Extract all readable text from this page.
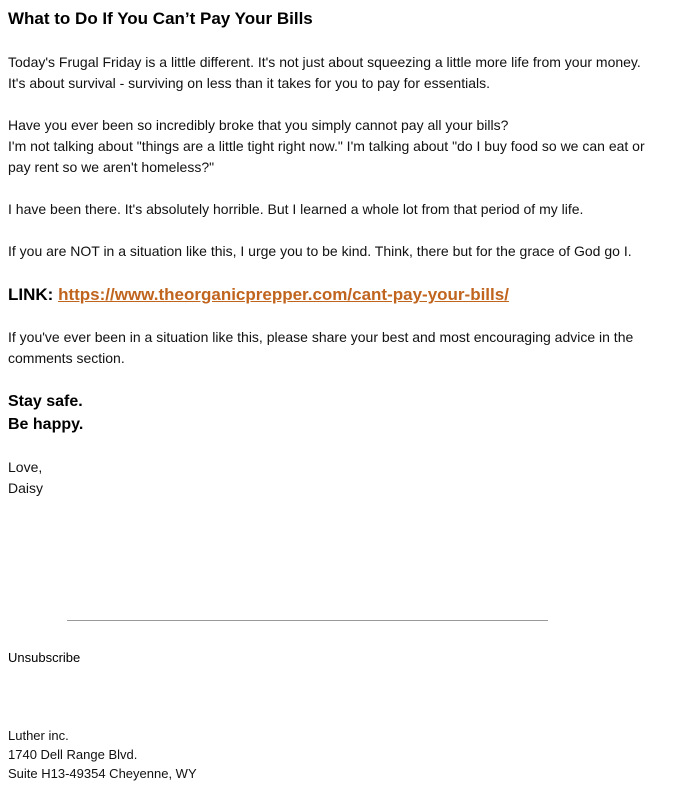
What to Do If You Can’t Pay Your Bills
Today's Frugal Friday is a little different. It's not just about squeezing a little more life from your money.
It's about survival - surviving on less than it takes for you to pay for essentials.
Have you ever been so incredibly broke that you simply cannot pay all your bills?
I'm not talking about "things are a little tight right now." I'm talking about "do I buy food so we can eat or
pay rent so we aren't homeless?"
I have been there. It's absolutely horrible. But I learned a whole lot from that period of my life.
If you are NOT in a situation like this, I urge you to be kind. Think, there but for the grace of God go I.
LINK: https://www.theorganicprepper.com/cant-pay-your-bills/
If you've ever been in a situation like this, please share your best and most encouraging advice in the
comments section.
Stay safe.
Be happy.
Love,
Daisy
Unsubscribe
Luther inc.
1740 Dell Range Blvd.
Suite H13-49354 Cheyenne, WY
